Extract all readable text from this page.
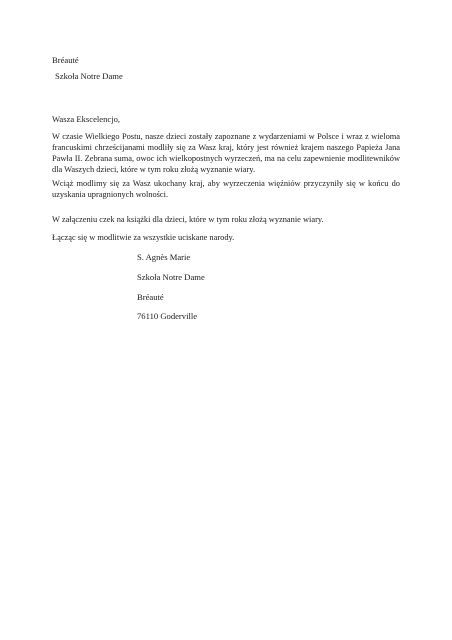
Bréauté
Szkoła Notre Dame
Wasza Ekscelencjo,

W czasie Wielkiego Postu, nasze dzieci zostały zapoznane z wydarzeniami w Polsce i wraz z wieloma francuskimi chrześcijanami modliły się za Wasz kraj, który jest również krajem naszego Papieża Jana Pawła II. Zebrana suma, owoc ich wielkopostnych wyrzeczeń, ma na celu zapewnienie modlitewników dla Waszych dzieci, które w tym roku złożą wyznanie wiary.

Wciąż modlimy się za Wasz ukochany kraj, aby wyrzeczenia więźniów przyczyniły się w końcu do uzyskania upragnionych wolności.

W załączeniu czek na książki dla dzieci, które w tym roku złożą wyznanie wiary.

Łącząc się w modlitwie za wszystkie uciskane narody.

S. Agnès Marie
Szkoła Notre Dame
Bréauté
76110 Goderville
